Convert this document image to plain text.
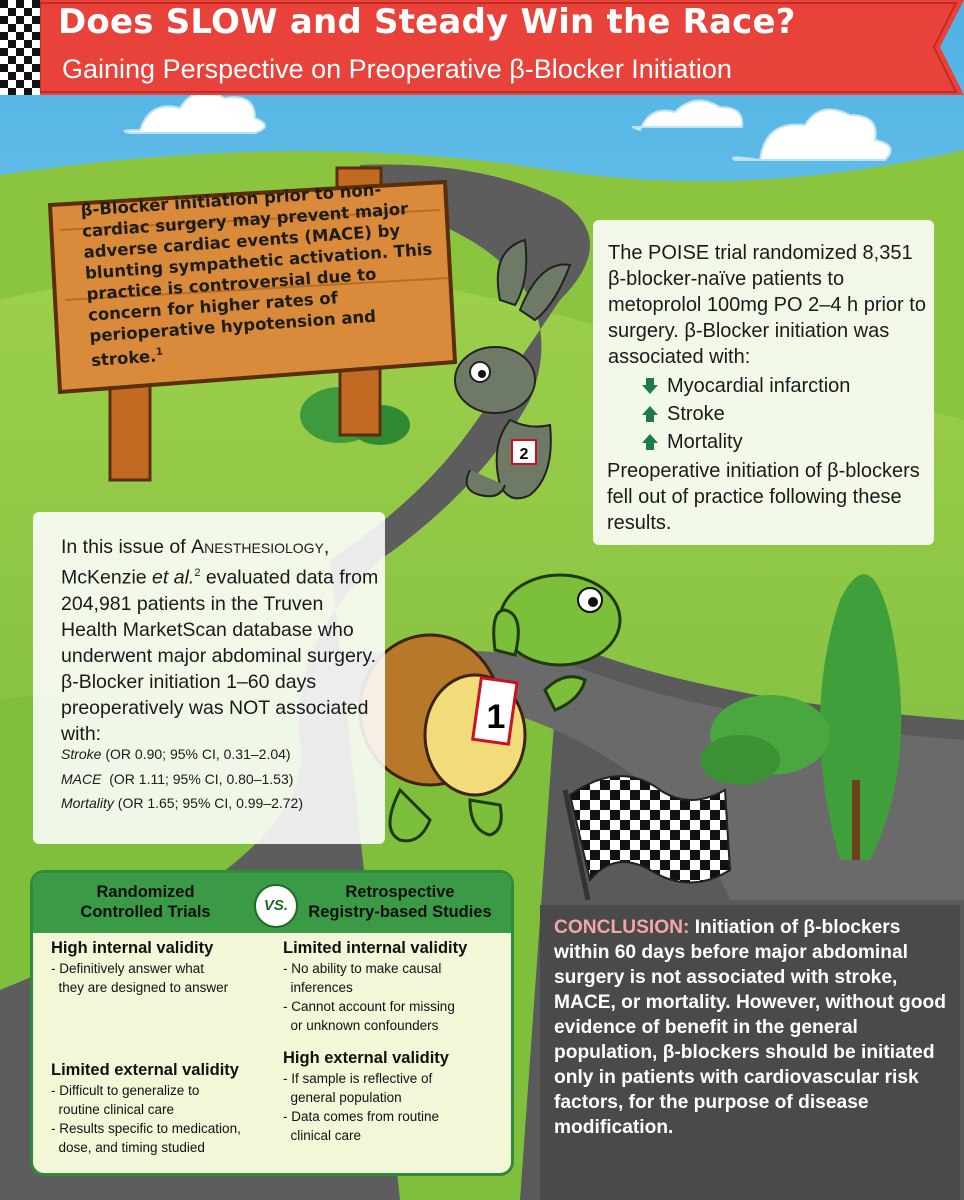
2
1
Does SLOW and Steady Win the Race?
Gaining Perspective on Preoperative β-Blocker Initiation
β-Blocker initiation prior to non-cardiac surgery may prevent major adverse cardiac events (MACE) by blunting sympathetic activation. This practice is controversial due to concern for higher rates of perioperative hypotension and stroke.$^1$

The POISE trial randomized 8,351 β-blocker-naïve patients to metoprolol 100mg PO 2–4 h prior to surgery. β-Blocker initiation was associated with:

Myocardial infarction
Stroke
Mortality

Preoperative initiation of β-blockers fell out of practice following these results.

In this issue of Anesthesiology, McKenzie et al.$^2$ evaluated data from 204,981 patients in the Truven Health MarketScan database who underwent major abdominal surgery. β-Blocker initiation 1–60 days preoperatively was NOT associated with:
Stroke (OR 0.90; 95% CI, 0.31–2.04)
MACE  (OR 1.11; 95% CI, 0.80–1.53)
Mortality (OR 1.65; 95% CI, 0.99–2.72)
Randomized
Controlled Trials	VS.
Retrospective
Registry-based Studies
High internal validity
- Definitively answer what
they are designed to answer
Limited external validity
- Difficult to generalize to
routine clinical care
- Results specific to medication,
dose, and timing studied
Limited internal validity
- No ability to make causal
inferences
- Cannot account for missing
or unknown confounders
High external validity
- If sample is reflective of
general population
- Data comes from routine
clinical care
CONCLUSION: Initiation of β-blockers within 60 days before major abdominal surgery is not associated with stroke, MACE, or mortality. However, without good evidence of benefit in the general population, β-blockers should be initiated only in patients with cardiovascular risk factors, for the purpose of disease modification.
